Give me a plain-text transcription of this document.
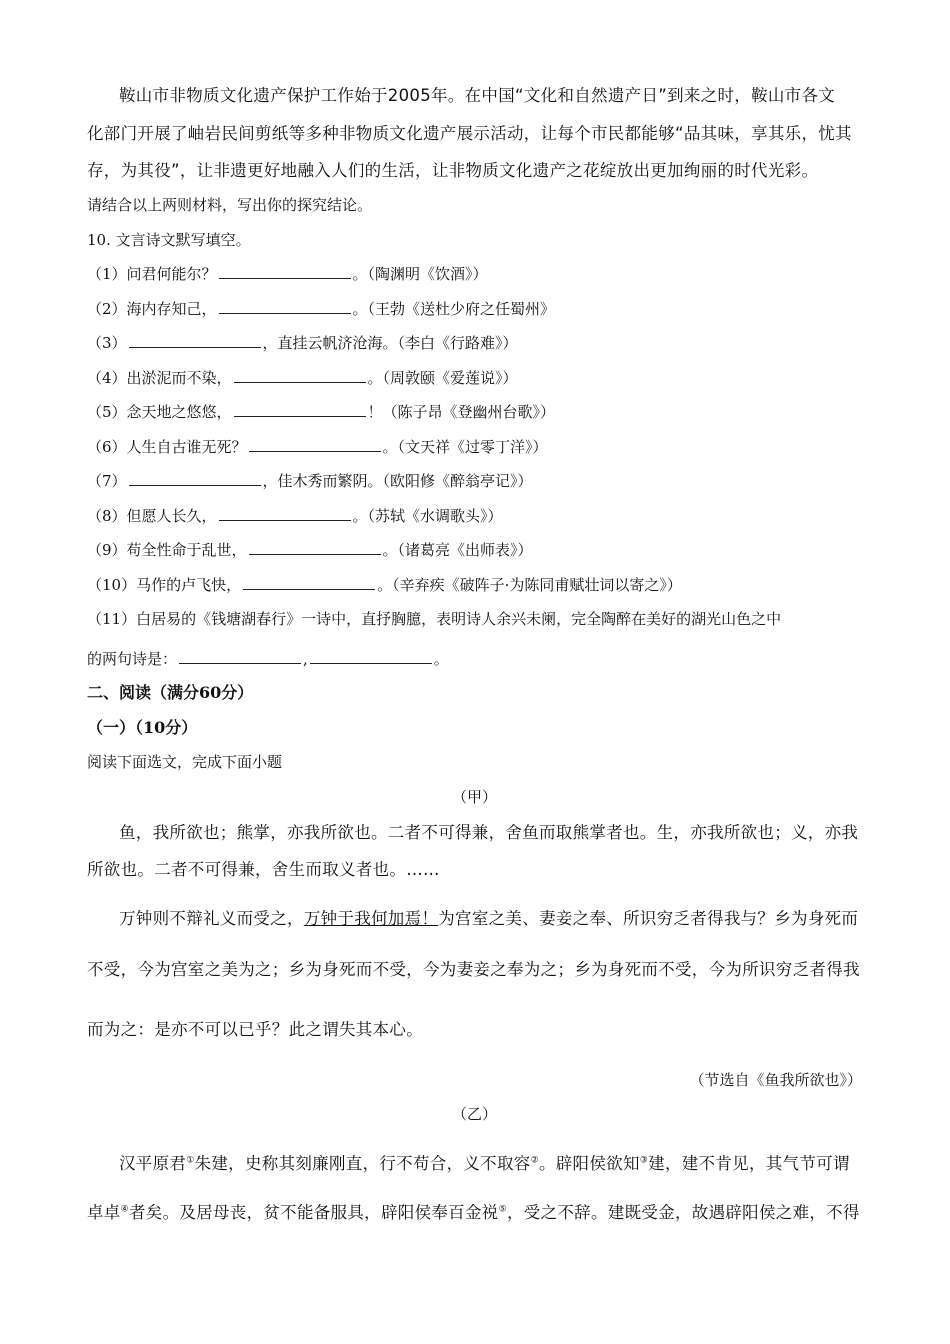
鞍山市非物质文化遗产保护工作始于2005年。在中国“文化和自然遗产日”到来之时，鞍山市各文
化部门开展了岫岩民间剪纸等多种非物质文化遗产展示活动，让每个市民都能够“品其味，享其乐，忧其
存，为其役”，让非遗更好地融入人们的生活，让非物质文化遗产之花绽放出更加绚丽的时代光彩。
请结合以上两则材料，写出你的探究结论。
10. 文言诗文默写填空。
（1）问君何能尔？	。（陶渊明《饮酒》）
（2）海内存知己，	。（王勃《送杜少府之任蜀州》
（3）	，直挂云帆济沧海。（李白《行路难》）
（4）出淤泥而不染，	。（周敦颐《爱莲说》）
（5）念天地之悠悠，	！（陈子昂《登幽州台歌》）
（6）人生自古谁无死？	。（文天祥《过零丁洋》）
（7）	，佳木秀而繁阴。（欧阳修《醉翁亭记》）
（8）但愿人长久，	。（苏轼《水调歌头》）
（9）苟全性命于乱世，	。（诸葛亮《出师表》）
（10）马作的卢飞快，	。（辛弃疾《破阵子·为陈同甫赋壮词以寄之》）
（11）白居易的《钱塘湖春行》一诗中，直抒胸臆，表明诗人余兴未阑，完全陶醉在美好的湖光山色之中
的两句诗是：	,	。
二、阅读（满分60分）
（一）（10分）
阅读下面选文，完成下面小题
（甲）
鱼，我所欲也；熊掌，亦我所欲也。二者不可得兼，舍鱼而取熊掌者也。生，亦我所欲也；义，亦我
所欲也。二者不可得兼，舍生而取义者也。……
万钟则不辩礼义而受之，万钟于我何加焉！为宫室之美、妻妾之奉、所识穷乏者得我与？乡为身死而
不受，今为宫室之美为之；乡为身死而不受，今为妻妾之奉为之；乡为身死而不受，今为所识穷乏者得我
而为之：是亦不可以已乎？此之谓失其本心。
（节选自《鱼我所欲也》）
（乙）
汉平原君①朱建，史称其刻廉刚直，行不苟合，义不取容②。辟阳侯欲知③建，建不肯见，其气节可谓
卓卓④者矣。及居母丧，贫不能备服具，辟阳侯奉百金祱⑤，受之不辞。建既受金，故遇辟阳侯之难，不得
